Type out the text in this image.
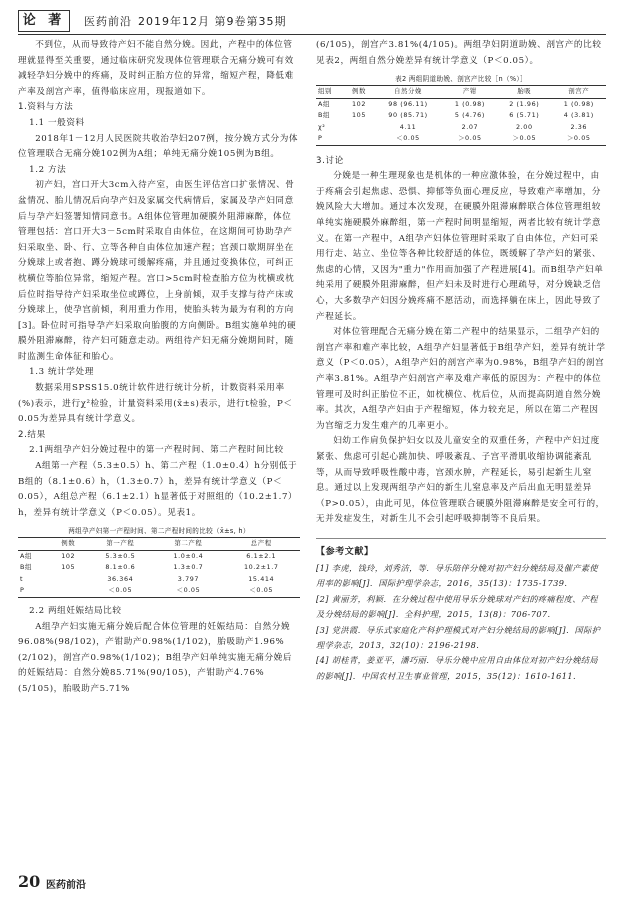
论 著	医药前沿 2019年12月 第9卷第35期

不到位，从而导致待产妇不能自然分娩。因此，产程中的体位管理就显得至关重要，通过临床研究发现体位管理联合无痛分娩可有效减轻孕妇分娩中的疼痛，及时纠正胎方位的异常，缩短产程，降低难产率及剖宫产率，值得临床应用，现报道如下。

1.资料与方法

1.1 一般资料

2018年1－12月人民医院共收治孕妇207例，按分娩方式分为体位管理联合无痛分娩102例为A组；单纯无痛分娩105例为B组。

1.2 方法

初产妇，宫口开大3cm入待产室，由医生评估宫口扩张情况、骨盆情况、胎儿情况后向孕产妇及家属交代病情后，家属及孕产妇同意后与孕产妇签署知情同意书。A组体位管理加硬膜外阻滞麻醉，体位管理包括：宫口开大3－5cm时采取自由体位，在这期间可协助孕产妇采取坐、卧、行、立等各种自由体位加速产程；宫颈口歇期屏坐在分娩球上或者抱、蹲分娩球可缓解疼痛，并且通过变换体位，可纠正枕横位等胎位异常，缩短产程。宫口>5cm时检查胎方位为枕横或枕后位时指导待产妇采取坐位或蹲位，上身前倾，双手支撑与待产床或分娩球上，使孕宫前倾，利用重力作用，使胎头转为最为有利的方向[3]。卧位时可指导孕产妇采取向胎腹的方向侧卧。B组实施单纯的硬膜外阻滞麻醉，待产妇可随意走动。两组待产妇无痛分娩期间时，随时监测生命体征和胎心。

1.3 统计学处理

数据采用SPSS15.0统计软件进行统计分析，计数资料采用率(%)表示，进行χ²检验，计量资料采用(x̄±s)表示，进行t检验，P＜0.05为差异具有统计学意义。

2.结果

2.1两组孕产妇分娩过程中的第一产程时间、第二产程时间比较

A组第一产程（5.3±0.5）h、第二产程（1.0±0.4）h分别低于B组的（8.1±0.6）h，（1.3±0.7）h，差异有统计学意义（P＜0.05），A组总产程（6.1±2.1）h显著低于对照组的（10.2±1.7）h，差异有统计学意义（P＜0.05）。见表1。

两组孕产妇第一产程时间、第二产程时间的比较（x̄±s, h）
	例数	第一产程	第二产程	总产程
A组	102	5.3±0.5	1.0±0.4	6.1±2.1
B组	105	8.1±0.6	1.3±0.7	10.2±1.7
t		36.364	3.797	15.414
P		＜0.05	＜0.05	＜0.05

2.2 两组妊娠结局比较

A组孕产妇实施无痛分娩后配合体位管理的妊娠结局：自然分娩96.08%(98/102)，产钳助产0.98%(1/102)，胎吸助产1.96%(2/102)，剖宫产0.98%(1/102)；B组孕产妇单纯实施无痛分娩后的妊娠结局：自然分娩85.71%(90/105)，产钳助产4.76%(5/105)，胎吸助产5.71%

(6/105)，剖宫产3.81%(4/105)。两组孕妇阴道助娩、剖宫产的比较见表2，两组自然分娩差异有统计学意义（P＜0.05）。

表2 两组阴道助娩、剖宫产比较［n（%）］
组别	例数	自然分娩	产钳	胎吸	剖宫产
A组	102	98 (96.11)	1 (0.98)	2 (1.96)	1 (0.98)
B组	105	90 (85.71)	5 (4.76)	6 (5.71)	4 (3.81)
χ²		4.11	2.07	2.00	2.36
P		＜0.05	＞0.05	＞0.05	＞0.05

3.讨论

分娩是一种生理现象也是机体的一种应激体验，在分娩过程中，由于疼痛会引起焦虑、恐惧、抑郁等负面心理反应，导致难产率增加，分娩风险大大增加。通过本次发现，在硬膜外阻滞麻醉联合体位管理组较单纯实施硬膜外麻醉组，第一产程时间明显缩短，两者比较有统计学意义。在第一产程中，A组孕产妇体位管理时采取了自由体位，产妇可采用行走、站立、坐位等各种比较舒适的体位，既缓解了孕产妇的紧张、焦虑的心情，又因为"重力"作用而加强了产程进展[4]。而B组孕产妇单纯采用了硬膜外阻滞麻醉，但产妇未及时进行心理疏导，对分娩缺乏信心，大多数孕产妇因分娩疼痛不愿活动，而选择躺在床上，因此导致了产程延长。

对体位管理配合无痛分娩在第二产程中的结果显示，二组孕产妇的剖宫产率和难产率比较，A组孕产妇显著低于B组孕产妇，差异有统计学意义（P＜0.05），A组孕产妇的剖宫产率为0.98%，B组孕产妇的剖宫产率3.81%。A组孕产妇剖宫产率及难产率低的原因为：产程中的体位管理可及时纠正胎位不正，如枕横位、枕后位，从而提高阴道自然分娩率。其次，A组孕产妇由于产程缩短，体力较充足，所以在第二产程因为宫缩乏力发生难产的几率更小。

妇幼工作肩负保护妇女以及儿童安全的双重任务，产程中产妇过度紧张、焦虑可引起心跳加快、呼吸紊乱、子宫平滑肌收缩协调能紊乱等，从而导致呼吸性酸中毒，宫颈水肿，产程延长，易引起新生儿窒息。通过以上发现两组孕产妇的新生儿窒息率及产后出血无明显差异（P>0.05），由此可见，体位管理联合硬膜外阻滞麻醉是安全可行的，无并发症发生，对新生儿不会引起呼吸抑制等不良后果。

【参考文献】

[1] 李虎，钱玲，刘秀洁，等．导乐陪伴分娩对初产妇分娩结局及催产素使用率的影响[J]．国际护理学杂志，2016，35(13)：1735-1739.

[2] 黄丽芳，利颖．在分娩过程中使用导乐分娩球对产妇的疼痛程度、产程及分娩结局的影响[J]．全科护理，2015，13(8)：706-707.

[3] 党洪霞．导乐式家庭化产科护理模式对产妇分娩结局的影响[J]．国际护理学杂志，2013，32(10)：2196-2198.

[4] 胡桂青，姜亚平，潘巧丽．导乐分娩中应用自由体位对初产妇分娩结局的影响[J]．中国农村卫生事业管理，2015，35(12)：1610-1611.

20 医药前沿
